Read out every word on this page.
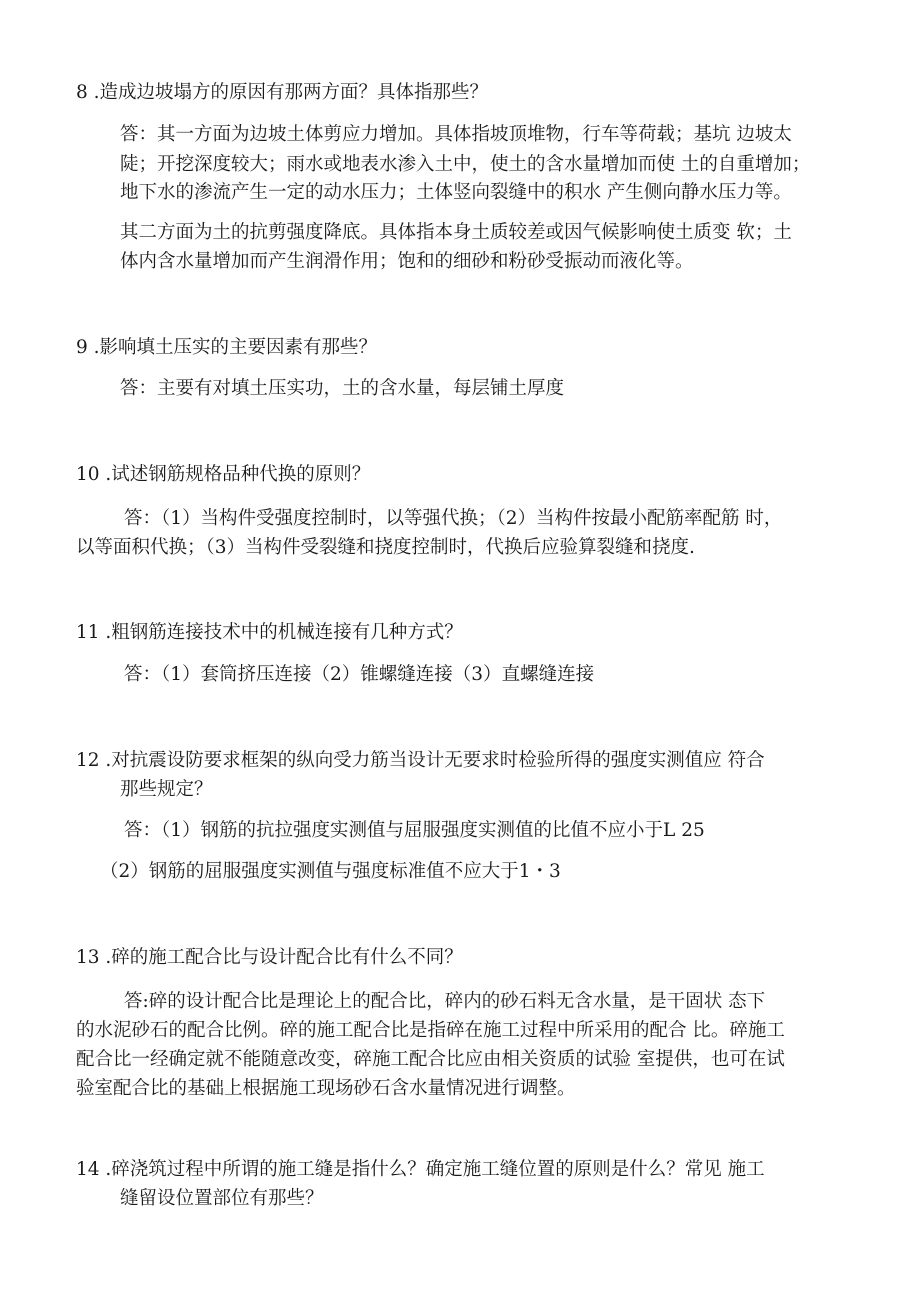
8 .造成边坡塌方的原因有那两方面？具体指那些？
答：其一方面为边坡土体剪应力增加。具体指坡顶堆物，行车等荷载；基坑 边坡太
陡；开挖深度较大；雨水或地表水渗入土中，使土的含水量增加而使 土的自重增加；
地下水的渗流产生一定的动水压力；土体竖向裂缝中的积水 产生侧向静水压力等。
其二方面为土的抗剪强度降底。具体指本身土质较差或因气候影响使土质变 软；土
体内含水量增加而产生润滑作用；饱和的细砂和粉砂受振动而液化等。
9 .影响填土压实的主要因素有那些？
答：主要有对填土压实功，土的含水量，每层铺土厚度
10 .试述钢筋规格品种代换的原则？
答：（1）当构件受强度控制时，以等强代换；（2）当构件按最小配筋率配筋 时，
以等面积代换；（3）当构件受裂缝和挠度控制时，代换后应验算裂缝和挠度.
11 .粗钢筋连接技术中的机械连接有几种方式？
答：（1）套筒挤压连接（2）锥螺缝连接（3）直螺缝连接
12 .对抗震设防要求框架的纵向受力筋当设计无要求时检验所得的强度实测值应 符合
那些规定？
答：（1）钢筋的抗拉强度实测值与屈服强度实测值的比值不应小于L 25
（2）钢筋的屈服强度实测值与强度标准值不应大于1・3
13 .碎的施工配合比与设计配合比有什么不同？
答:碎的设计配合比是理论上的配合比，碎内的砂石料无含水量，是干固状 态下
的水泥砂石的配合比例。碎的施工配合比是指碎在施工过程中所采用的配合 比。碎施工
配合比一经确定就不能随意改变，碎施工配合比应由相关资质的试验 室提供，也可在试
验室配合比的基础上根据施工现场砂石含水量情况进行调整。
14 .碎浇筑过程中所谓的施工缝是指什么？确定施工缝位置的原则是什么？常见 施工
缝留设位置部位有那些？
